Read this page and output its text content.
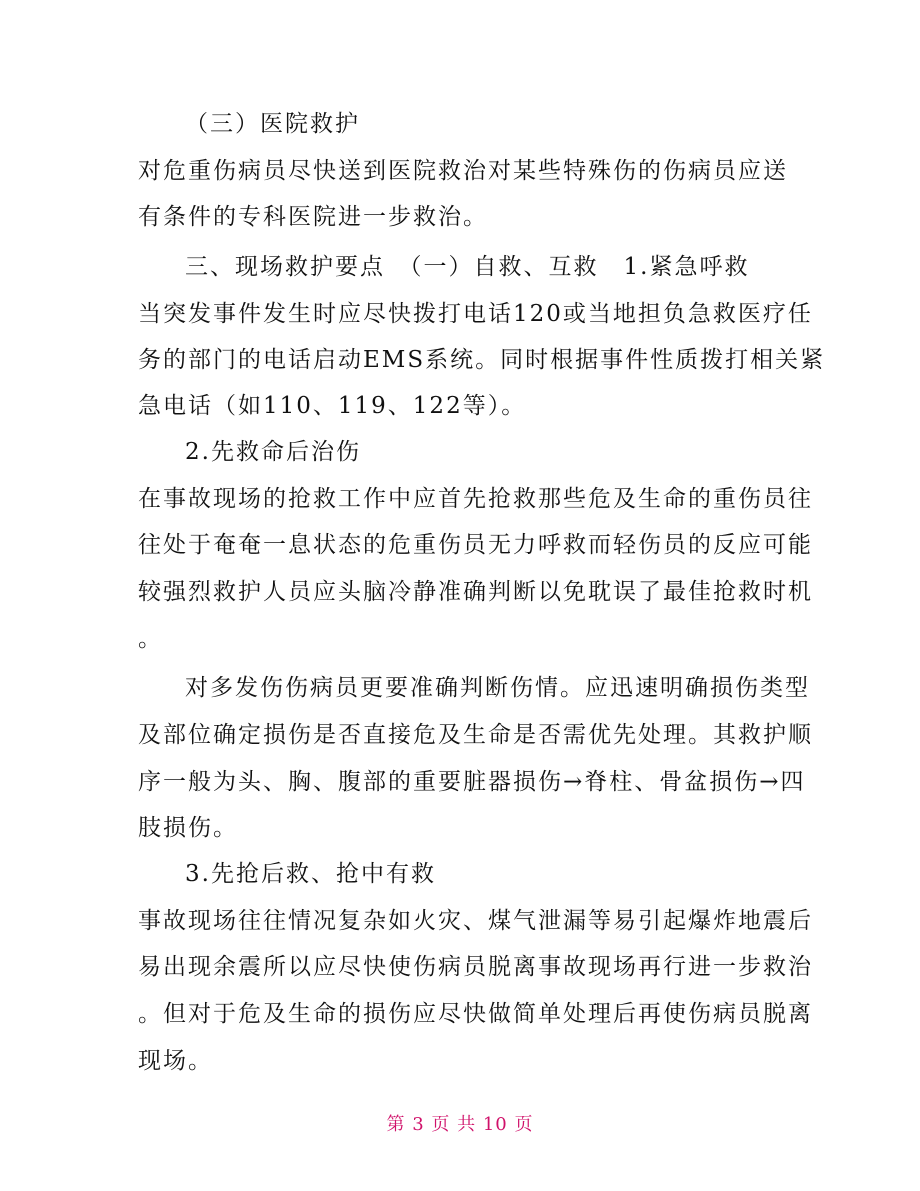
（三）医院救护
对危重伤病员尽快送到医院救治对某些特殊伤的伤病员应送
有条件的专科医院进一步救治。
三、现场救护要点　（一）自救、互救　1.紧急呼救
当突发事件发生时应尽快拨打电话120或当地担负急救医疗任
务的部门的电话启动EMS系统。同时根据事件性质拨打相关紧
急电话（如110、119、122等）。
2.先救命后治伤
在事故现场的抢救工作中应首先抢救那些危及生命的重伤员往
往处于奄奄一息状态的危重伤员无力呼救而轻伤员的反应可能
较强烈救护人员应头脑冷静准确判断以免耽误了最佳抢救时机
。
对多发伤伤病员更要准确判断伤情。应迅速明确损伤类型
及部位确定损伤是否直接危及生命是否需优先处理。其救护顺
序一般为头、胸、腹部的重要脏器损伤→脊柱、骨盆损伤→四
肢损伤。
3.先抢后救、抢中有救
事故现场往往情况复杂如火灾、煤气泄漏等易引起爆炸地震后
易出现余震所以应尽快使伤病员脱离事故现场再行进一步救治
。但对于危及生命的损伤应尽快做简单处理后再使伤病员脱离
现场。
第 3 页 共 10 页
